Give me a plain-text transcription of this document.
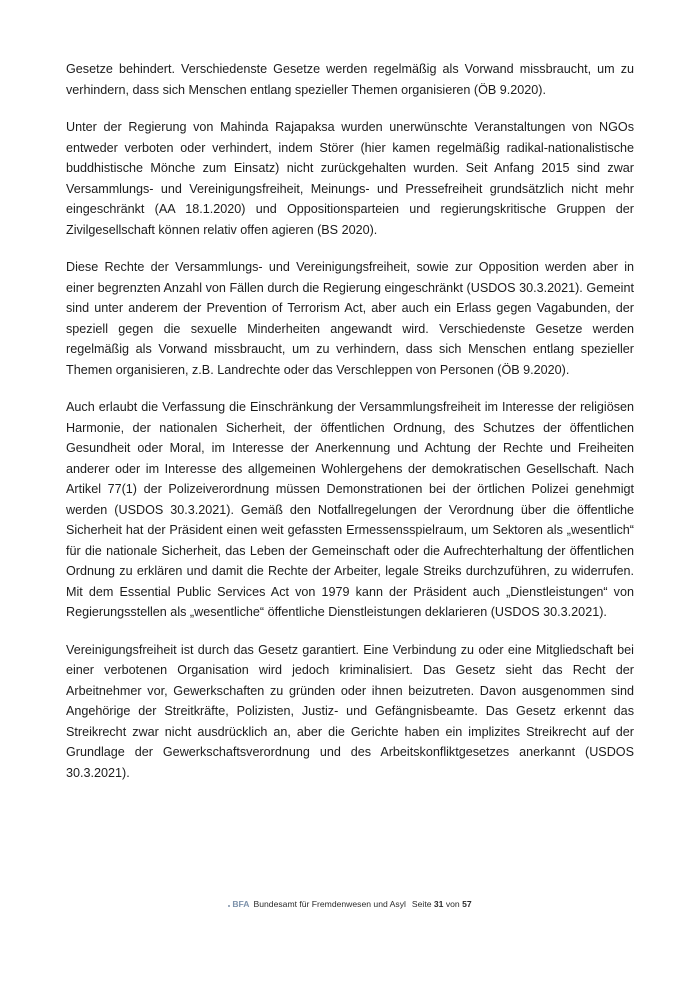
Gesetze behindert. Verschiedenste Gesetze werden regelmäßig als Vorwand missbraucht, um zu verhindern, dass sich Menschen entlang spezieller Themen organisieren (ÖB 9.2020).

Unter der Regierung von Mahinda Rajapaksa wurden unerwünschte Veranstaltungen von NGOs entweder verboten oder verhindert, indem Störer (hier kamen regelmäßig radikal-nationalistische buddhistische Mönche zum Einsatz) nicht zurückgehalten wurden. Seit Anfang 2015 sind zwar Versammlungs- und Vereinigungsfreiheit, Meinungs- und Pressefreiheit grundsätzlich nicht mehr eingeschränkt (AA 18.1.2020) und Oppositionsparteien und regierungskritische Gruppen der Zivilgesellschaft können relativ offen agieren (BS 2020).

Diese Rechte der Versammlungs- und Vereinigungsfreiheit, sowie zur Opposition werden aber in einer begrenzten Anzahl von Fällen durch die Regierung eingeschränkt (USDOS 30.3.2021). Gemeint sind unter anderem der Prevention of Terrorism Act, aber auch ein Erlass gegen Vagabunden, der speziell gegen die sexuelle Minderheiten angewandt wird. Verschiedenste Gesetze werden regelmäßig als Vorwand missbraucht, um zu verhindern, dass sich Menschen entlang spezieller Themen organisieren, z.B. Landrechte oder das Verschleppen von Personen (ÖB 9.2020).

Auch erlaubt die Verfassung die Einschränkung der Versammlungsfreiheit im Interesse der religiösen Harmonie, der nationalen Sicherheit, der öffentlichen Ordnung, des Schutzes der öffentlichen Gesundheit oder Moral, im Interesse der Anerkennung und Achtung der Rechte und Freiheiten anderer oder im Interesse des allgemeinen Wohlergehens der demokratischen Gesellschaft. Nach Artikel 77(1) der Polizeiverordnung müssen Demonstrationen bei der örtlichen Polizei genehmigt werden (USDOS 30.3.2021). Gemäß den Notfallregelungen der Verordnung über die öffentliche Sicherheit hat der Präsident einen weit gefassten Ermessensspielraum, um Sektoren als „wesentlich“ für die nationale Sicherheit, das Leben der Gemeinschaft oder die Aufrechterhaltung der öffentlichen Ordnung zu erklären und damit die Rechte der Arbeiter, legale Streiks durchzuführen, zu widerrufen. Mit dem Essential Public Services Act von 1979 kann der Präsident auch „Dienstleistungen“ von Regierungsstellen als „wesentliche“ öffentliche Dienstleistungen deklarieren (USDOS 30.3.2021).

Vereinigungsfreiheit ist durch das Gesetz garantiert. Eine Verbindung zu oder eine Mitgliedschaft bei einer verbotenen Organisation wird jedoch kriminalisiert. Das Gesetz sieht das Recht der Arbeitnehmer vor, Gewerkschaften zu gründen oder ihnen beizutreten. Davon ausgenommen sind Angehörige der Streitkräfte, Polizisten, Justiz- und Gefängnisbeamte. Das Gesetz erkennt das Streikrecht zwar nicht ausdrücklich an, aber die Gerichte haben ein implizites Streikrecht auf der Grundlage der Gewerkschaftsverordnung und des Arbeitskonfliktgesetzes anerkannt (USDOS 30.3.2021).

BFA Bundesamt für Fremdenwesen und Asyl Seite 31 von 57
